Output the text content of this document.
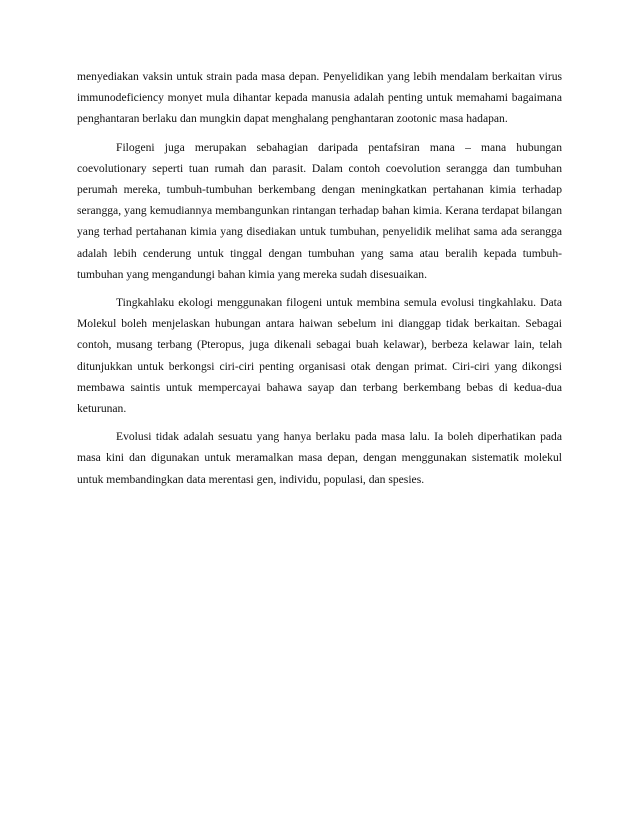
menyediakan vaksin untuk strain pada masa depan. Penyelidikan yang lebih mendalam berkaitan virus immunodeficiency monyet mula dihantar kepada manusia adalah penting untuk memahami bagaimana penghantaran berlaku dan mungkin dapat menghalang penghantaran zootonic masa hadapan.

Filogeni juga merupakan sebahagian daripada pentafsiran mana – mana hubungan coevolutionary seperti tuan rumah dan parasit. Dalam contoh coevolution serangga dan tumbuhan perumah mereka, tumbuh-tumbuhan berkembang dengan meningkatkan pertahanan kimia terhadap serangga, yang kemudiannya membangunkan rintangan terhadap bahan kimia. Kerana terdapat bilangan yang terhad pertahanan kimia yang disediakan untuk tumbuhan, penyelidik melihat sama ada serangga adalah lebih cenderung untuk tinggal dengan tumbuhan yang sama atau beralih kepada tumbuh-tumbuhan yang mengandungi bahan kimia yang mereka sudah disesuaikan.

Tingkahlaku ekologi menggunakan filogeni untuk membina semula evolusi tingkahlaku. Data Molekul boleh menjelaskan hubungan antara haiwan sebelum ini dianggap tidak berkaitan. Sebagai contoh, musang terbang (Pteropus, juga dikenali sebagai buah kelawar), berbeza kelawar lain, telah ditunjukkan untuk berkongsi ciri-ciri penting organisasi otak dengan primat. Ciri-ciri yang dikongsi membawa saintis untuk mempercayai bahawa sayap dan terbang berkembang bebas di kedua-dua keturunan.

Evolusi tidak adalah sesuatu yang hanya berlaku pada masa lalu. Ia boleh diperhatikan pada masa kini dan digunakan untuk meramalkan masa depan, dengan menggunakan sistematik molekul untuk membandingkan data merentasi gen, individu, populasi, dan spesies.
